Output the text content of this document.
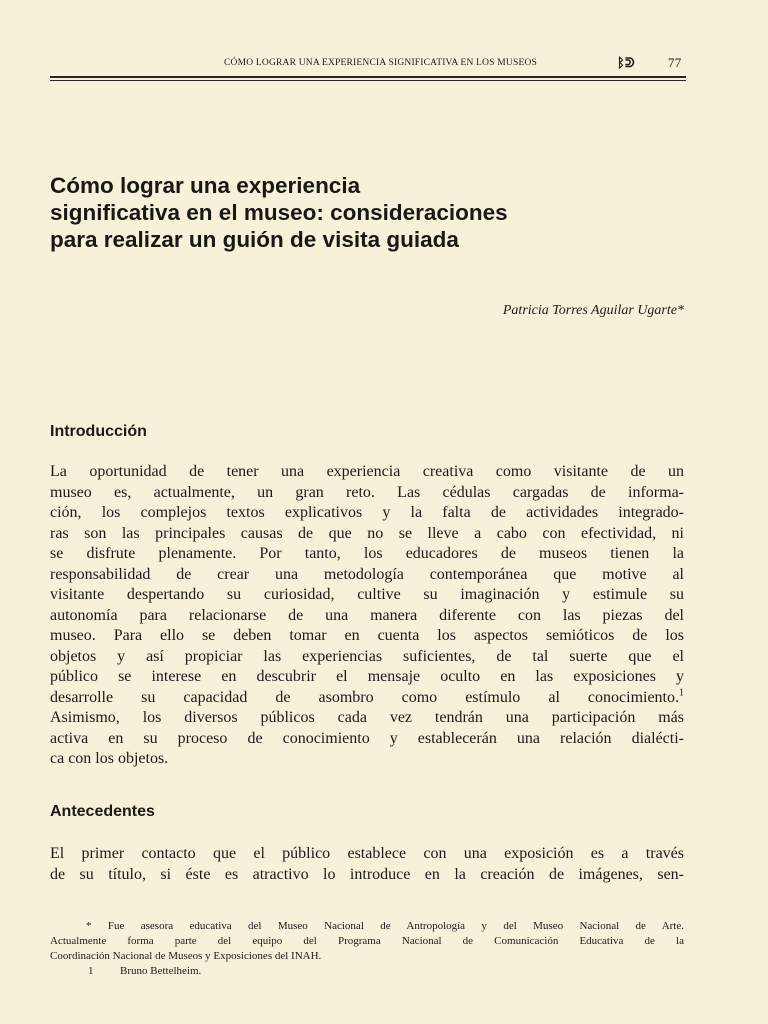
CÓMO LOGRAR UNA EXPERIENCIA SIGNIFICATIVA EN LOS MUSEOS	ᛒᕲ	77
Cómo lograr una experiencia
significativa en el museo: consideraciones
para realizar un guión de visita guiada

Patricia Torres Aguilar Ugarte*

Introducción
La oportunidad de tener una experiencia creativa como visitante de un
museo es, actualmente, un gran reto. Las cédulas cargadas de informa-
ción, los complejos textos explicativos y la falta de actividades integrado-
ras son las principales causas de que no se lleve a cabo con efectividad, ni
se disfrute plenamente. Por tanto, los educadores de museos tienen la
responsabilidad de crear una metodología contemporánea que motive al
visitante despertando su curiosidad, cultive su imaginación y estimule su
autonomía para relacionarse de una manera diferente con las piezas del
museo. Para ello se deben tomar en cuenta los aspectos semióticos de los
objetos y así propiciar las experiencias suficientes, de tal suerte que el
público se interese en descubrir el mensaje oculto en las exposiciones y
desarrolle su capacidad de asombro como estímulo al conocimiento.$^1$
Asimismo, los diversos públicos cada vez tendrán una participación más
activa en su proceso de conocimiento y establecerán una relación dialécti-
ca con los objetos.
Antecedentes
El primer contacto que el público establece con una exposición es a través
de su título, si éste es atractivo lo introduce en la creación de imágenes, sen-
* Fue asesora educativa del Museo Nacional de Antropología y del Museo Nacional de Arte.
Actualmente forma parte del equipo del Programa Nacional de Comunicación Educativa de la
Coordinación Nacional de Museos y Exposiciones del INAH.
1 Bruno Bettelheim.
